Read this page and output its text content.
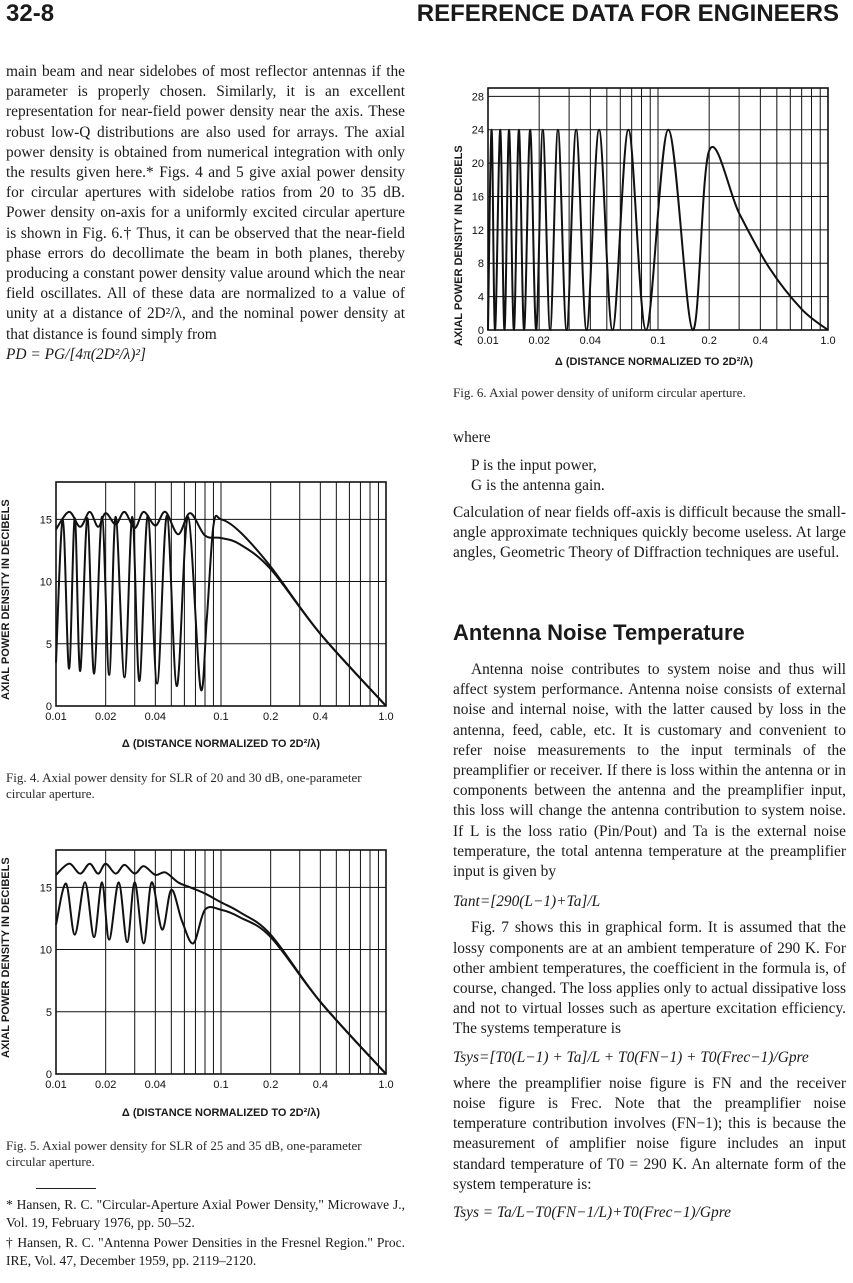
32-8	REFERENCE DATA FOR ENGINEERS

main beam and near sidelobes of most reflector antennas if the parameter is properly chosen. Similarly, it is an excellent representation for near-field power density near the axis. These robust low-Q distributions are also used for arrays. The axial power density is obtained from numerical integration with only the results given here.* Figs. 4 and 5 give axial power density for circular apertures with sidelobe ratios from 20 to 35 dB. Power density on-axis for a uniformly excited circular aperture is shown in Fig. 6.† Thus, it can be observed that the near-field phase errors do decollimate the beam in both planes, thereby producing a constant power density value around which the near field oscillates. All of these data are normalized to a value of unity at a distance of 2D²/λ, and the nominal power density at that distance is found simply from

PD = PG/[4π(2D²/λ)²]

AXIAL POWER DENSITY IN DECIBELS
0
5
10
15
0.01	0.02	0.04	0.1	0.2	0.4	1.0
Δ (DISTANCE NORMALIZED TO 2D²/λ)
Fig. 4. Axial power density for SLR of 20 and 30 dB, one-parameter circular aperture.
AXIAL POWER DENSITY IN DECIBELS
0
5
10
15
0.01	0.02	0.04	0.1	0.2	0.4	1.0
Δ (DISTANCE NORMALIZED TO 2D²/λ)
Fig. 5. Axial power density for SLR of 25 and 35 dB, one-parameter circular aperture.
* Hansen, R. C. "Circular-Aperture Axial Power Density," Microwave J., Vol. 19, February 1976, pp. 50–52.
† Hansen, R. C. "Antenna Power Densities in the Fresnel Region." Proc. IRE, Vol. 47, December 1959, pp. 2119–2120.
AXIAL POWER DENSITY IN DECIBELS 0
4
8
12
16
20
24
28
0.01	0.02	0.04	0.1	0.2	0.4	1.0
Δ (DISTANCE NORMALIZED TO 2D²/λ)
Fig. 6. Axial power density of uniform circular aperture.

where

P is the input power,
G is the antenna gain.

Calculation of near fields off-axis is difficult because the small-angle approximate techniques quickly become useless. At large angles, Geometric Theory of Diffraction techniques are useful.

Antenna Noise Temperature

Antenna noise contributes to system noise and thus will affect system performance. Antenna noise consists of external noise and internal noise, with the latter caused by loss in the antenna, feed, cable, etc. It is customary and convenient to refer noise measurements to the input terminals of the preamplifier or receiver. If there is loss within the antenna or in components between the antenna and the preamplifier input, this loss will change the antenna contribution to system noise. If L is the loss ratio (Pin/Pout) and Ta is the external noise temperature, the total antenna temperature at the preamplifier input is given by

Tant=[290(L−1)+Ta]/L

Fig. 7 shows this in graphical form. It is assumed that the lossy components are at an ambient temperature of 290 K. For other ambient temperatures, the coefficient in the formula is, of course, changed. The loss applies only to actual dissipative loss and not to virtual losses such as aperture excitation efficiency. The systems temperature is

Tsys=[T0(L−1) + Ta]/L + T0(FN−1) + T0(Frec−1)/Gpre

where the preamplifier noise figure is FN and the receiver noise figure is Frec. Note that the preamplifier noise temperature contribution involves (FN−1); this is because the measurement of amplifier noise figure includes an input standard temperature of T0 = 290 K. An alternate form of the system temperature is:

Tsys = Ta/L−T0(FN−1/L)+T0(Frec−1)/Gpre
